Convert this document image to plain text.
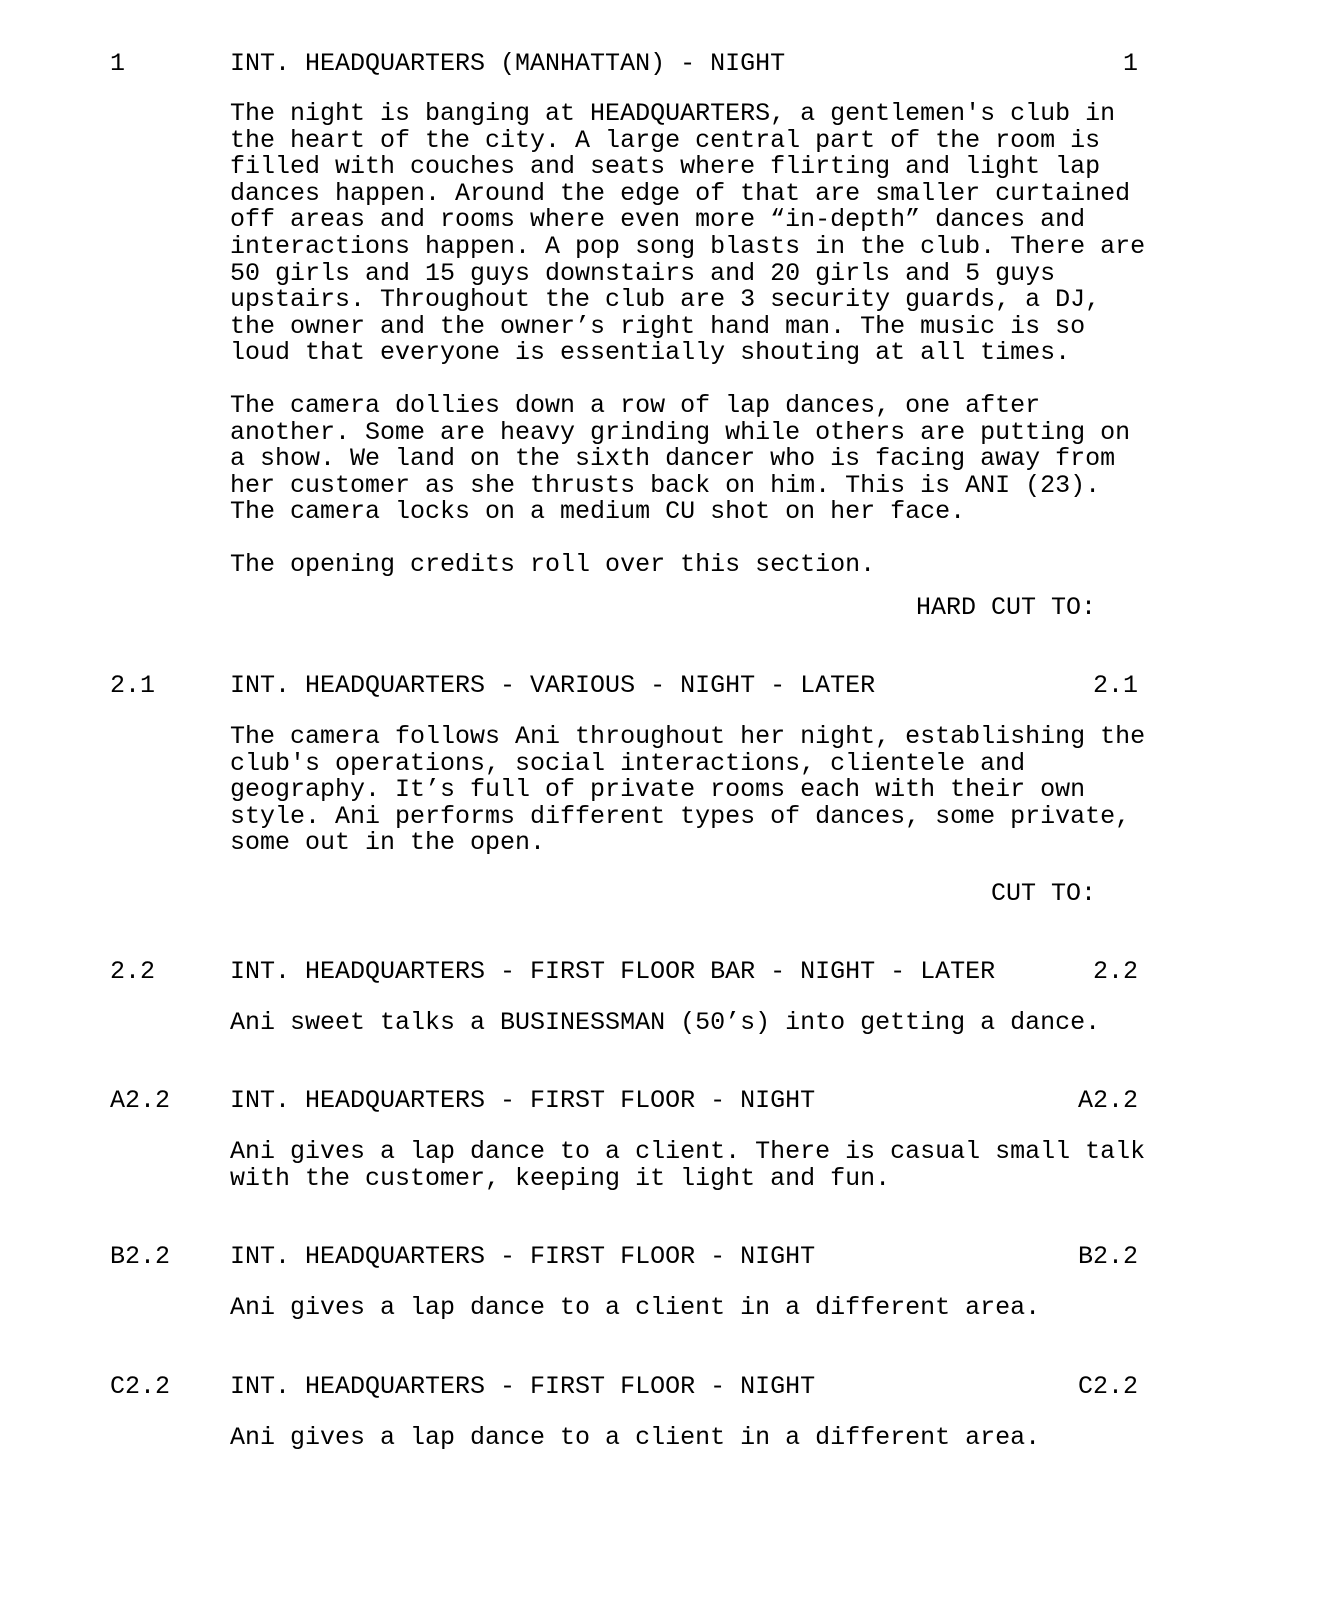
1

	INT. HEADQUARTERS (MANHATTAN) - NIGHT

	1

The night is banging at HEADQUARTERS, a gentlemen's club in
the heart of the city. A large central part of the room is
filled with couches and seats where flirting and light lap
dances happen. Around the edge of that are smaller curtained
off areas and rooms where even more “in-depth” dances and
interactions happen. A pop song blasts in the club. There are
50 girls and 15 guys downstairs and 20 girls and 5 guys
upstairs. Throughout the club are 3 security guards, a DJ,
the owner and the owner’s right hand man. The music is so
loud that everyone is essentially shouting at all times.

The camera dollies down a row of lap dances, one after
another. Some are heavy grinding while others are putting on
a show. We land on the sixth dancer who is facing away from
her customer as she thrusts back on him. This is ANI (23).
The camera locks on a medium CU shot on her face.

The opening credits roll over this section.

HARD CUT TO:

2.1

	INT. HEADQUARTERS - VARIOUS - NIGHT - LATER

	2.1

The camera follows Ani throughout her night, establishing the
club's operations, social interactions, clientele and
geography. It’s full of private rooms each with their own
style. Ani performs different types of dances, some private,
some out in the open.

CUT TO:

2.2

	INT. HEADQUARTERS - FIRST FLOOR BAR - NIGHT - LATER

	2.2

Ani sweet talks a BUSINESSMAN (50’s) into getting a dance.

A2.2

INT. HEADQUARTERS - FIRST FLOOR - NIGHT

	A2.2

Ani gives a lap dance to a client. There is casual small talk
with the customer, keeping it light and fun.

B2.2

INT. HEADQUARTERS - FIRST FLOOR - NIGHT

	B2.2

Ani gives a lap dance to a client in a different area.

C2.2

INT. HEADQUARTERS - FIRST FLOOR - NIGHT

	C2.2

Ani gives a lap dance to a client in a different area.
